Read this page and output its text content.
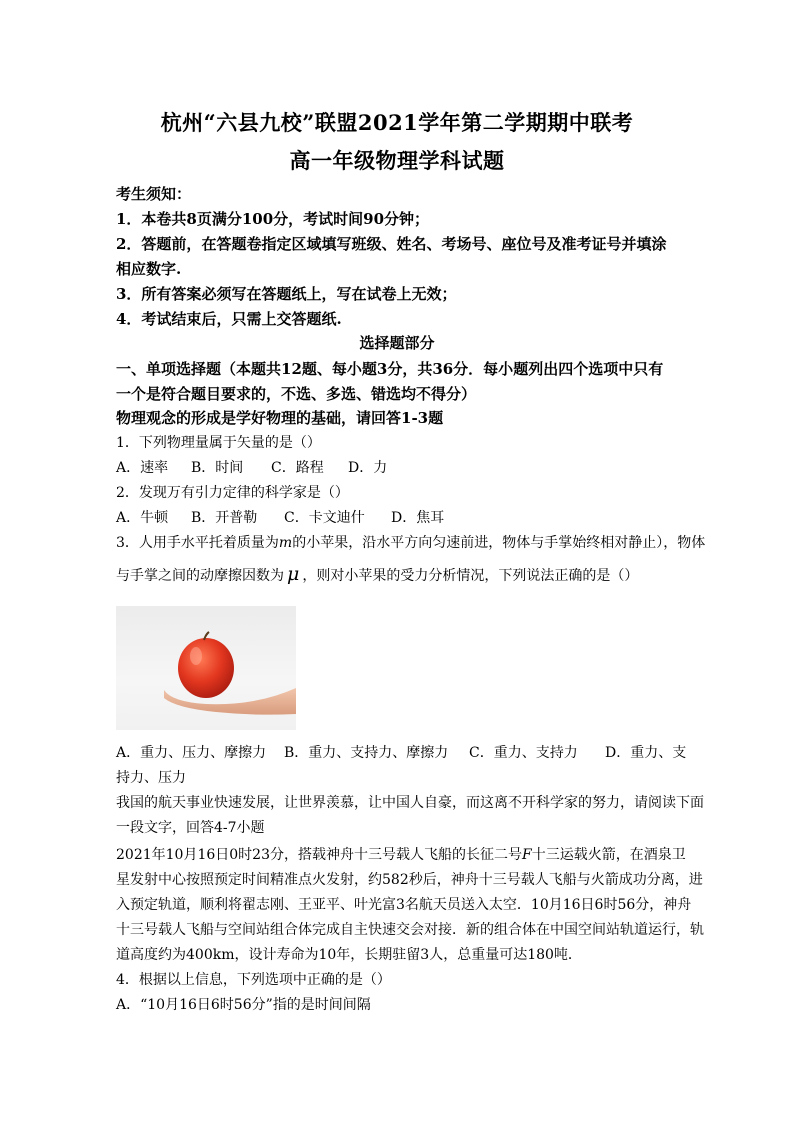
杭州“六县九校”联盟2021学年第二学期期中联考
高一年级物理学科试题
考生须知：
1．本卷共8页满分100分，考试时间90分钟；
2．答题前，在答题卷指定区域填写班级、姓名、考场号、座位号及准考证号并填涂
相应数字.
3．所有答案必须写在答题纸上，写在试卷上无效；
4．考试结束后，只需上交答题纸.
选择题部分
一、单项选择题（本题共12题、每小题3分，共36分．每小题列出四个选项中只有
一个是符合题目要求的，不选、多选、错选均不得分）
物理观念的形成是学好物理的基础，请回答1-3题
1．下列物理量属于矢量的是（）
A．速率 B．时间 C．路程 D．力
2．发现万有引力定律的科学家是（）
A．牛顿 B．开普勒 C．卡文迪什 D．焦耳
3．人用手水平托着质量为m的小苹果，沿水平方向匀速前进，物体与手掌始终相对静止），物体
与手掌之间的动摩擦因数为 μ ，则对小苹果的受力分析情况，下列说法正确的是（）
A．重力、压力、摩擦力 B．重力、支持力、摩擦力 C．重力、支持力 D．重力、支
持力、压力
我国的航天事业快速发展，让世界羡慕，让中国人自豪，而这离不开科学家的努力，请阅读下面
一段文字，回答4-7小题
2021年10月16日0时23分，搭载神舟十三号载人飞船的长征二号F十三运载火箭，在酒泉卫
星发射中心按照预定时间精准点火发射，约582秒后，神舟十三号载人飞船与火箭成功分离，进
入预定轨道，顺利将翟志刚、王亚平、叶光富3名航天员送入太空．10月16日6时56分，神舟
十三号载人飞船与空间站组合体完成自主快速交会对接．新的组合体在中国空间站轨道运行，轨
道高度约为400km，设计寿命为10年，长期驻留3人，总重量可达180吨．
4．根据以上信息，下列选项中正确的是（）
A．“10月16日6时56分”指的是时间间隔
